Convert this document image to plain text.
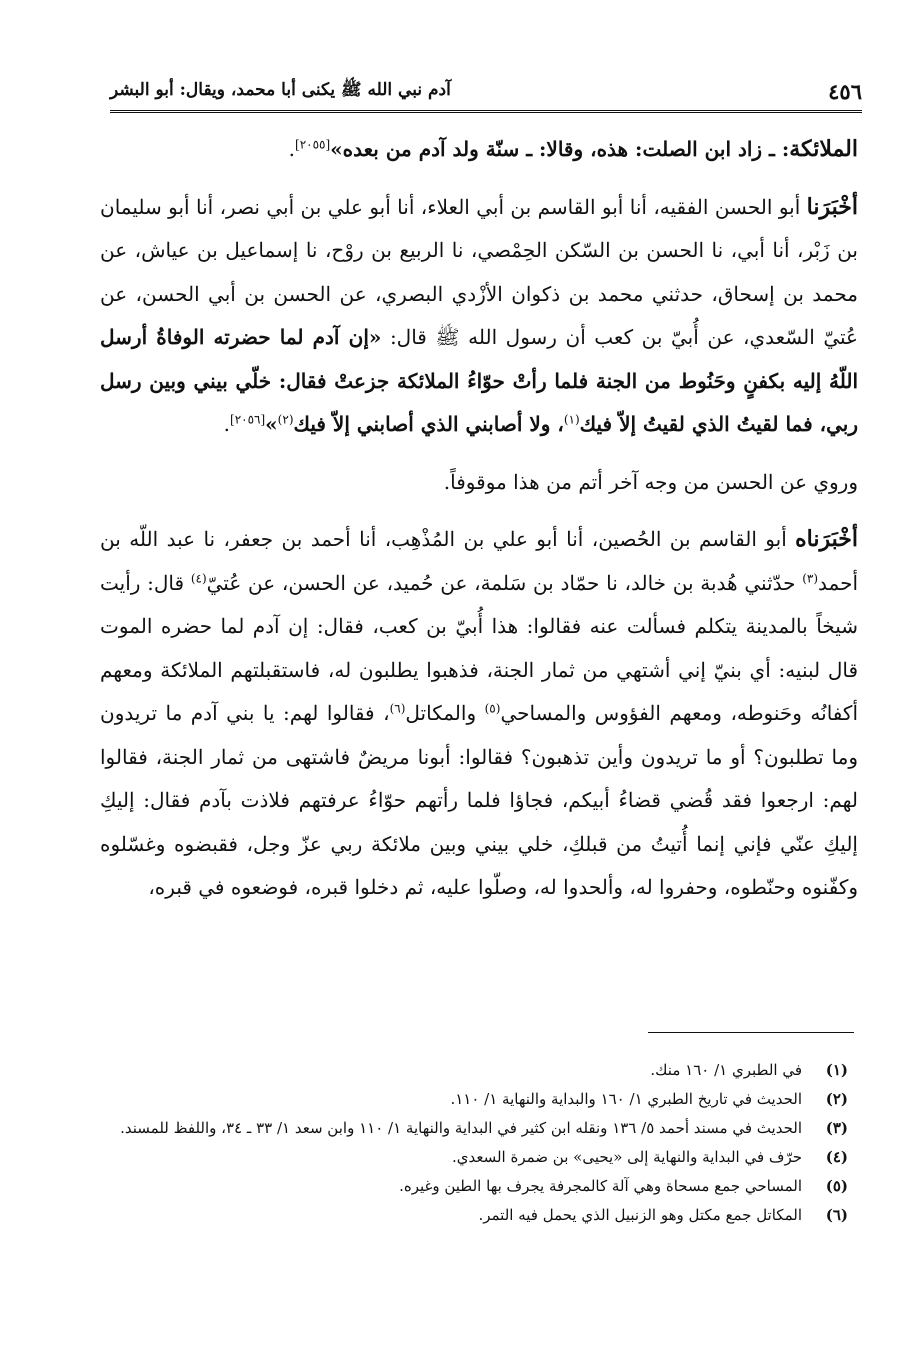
٤٥٦
آدم نبي الله ﷺ يكنى أبا محمد، ويقال: أبو البشر

الملائكة: ـ زاد ابن الصلت: هذه، وقالا: ـ سنّة ولد آدم من بعده»[٢٠٥٥].

أخْبَرَنا أبو الحسن الفقيه، أنا أبو القاسم بن أبي العلاء، أنا أبو علي بن أبي نصر، أنا أبو سليمان بن زَبْر، أنا أبي، نا الحسن بن السّكن الحِمْصي، نا الربيع بن روْح، نا إسماعيل بن عياش، عن محمد بن إسحاق، حدثني محمد بن ذكوان الأزْدي البصري، عن الحسن بن أبي الحسن، عن عُتيّ السّعدي، عن أُبيّ بن كعب أن رسول الله ﷺ قال: «إن آدم لما حضرته الوفاةُ أرسل اللّهُ إليه بكفنٍ وحَنُوط من الجنة فلما رأتْ حوّاءُ الملائكة جزعتْ فقال: خلّي بيني وبين رسل ربي، فما لقيتُ الذي لقيتُ إلاّ فيك$^{(١)}$، ولا أصابني الذي أصابني إلاّ فيك$^{(٢)}$»[٢٠٥٦].

وروي عن الحسن من وجه آخر أتم من هذا موقوفاً.

أخْبَرَناه أبو القاسم بن الحُصين، أنا أبو علي بن المُذْهِب، أنا أحمد بن جعفر، نا عبد اللّه بن أحمد$^{(٣)}$ حدّثني هُدبة بن خالد، نا حمّاد بن سَلمة، عن حُميد، عن الحسن، عن عُتيّ$^{(٤)}$ قال: رأيت شيخاً بالمدينة يتكلم فسألت عنه فقالوا: هذا أُبيّ بن كعب، فقال: إن آدم لما حضره الموت قال لبنيه: أي بنيّ إني أشتهي من ثمار الجنة، فذهبوا يطلبون له، فاستقبلتهم الملائكة ومعهم أكفانُه وحَنوطه، ومعهم الفؤوس والمساحي$^{(٥)}$ والمكاتل$^{(٦)}$، فقالوا لهم: يا بني آدم ما تريدون وما تطلبون؟ أو ما تريدون وأين تذهبون؟ فقالوا: أبونا مريضٌ فاشتهى من ثمار الجنة، فقالوا لهم: ارجعوا فقد قُضي قضاءُ أبيكم، فجاؤا فلما رأتهم حوّاءُ عرفتهم فلاذت بآدم فقال: إليكِ إليكِ عنّي فإني إنما أُتيتُ من قبلكِ، خلي بيني وبين ملائكة ربي عزّ وجل، فقبضوه وغسّلوه وكفّنوه وحنّطوه، وحفروا له، وألحدوا له، وصلّوا عليه، ثم دخلوا قبره، فوضعوه في قبره،

(١)
في الطبري ١/ ١٦٠ منك.
(٢)
الحديث في تاريخ الطبري ١/ ١٦٠ والبداية والنهاية ١/ ١١٠.
(٣)
الحديث في مسند أحمد ٥/ ١٣٦ ونقله ابن كثير في البداية والنهاية ١/ ١١٠ وابن سعد ١/ ٣٣ ـ ٣٤، واللفظ للمسند.
(٤)
حرّف في البداية والنهاية إلى «يحيى» بن ضمرة السعدي.
(٥)
المساحي جمع مسحاة وهي آلة كالمجرفة يجرف بها الطين وغيره.
(٦)
المكاتل جمع مكتل وهو الزنبيل الذي يحمل فيه التمر.
